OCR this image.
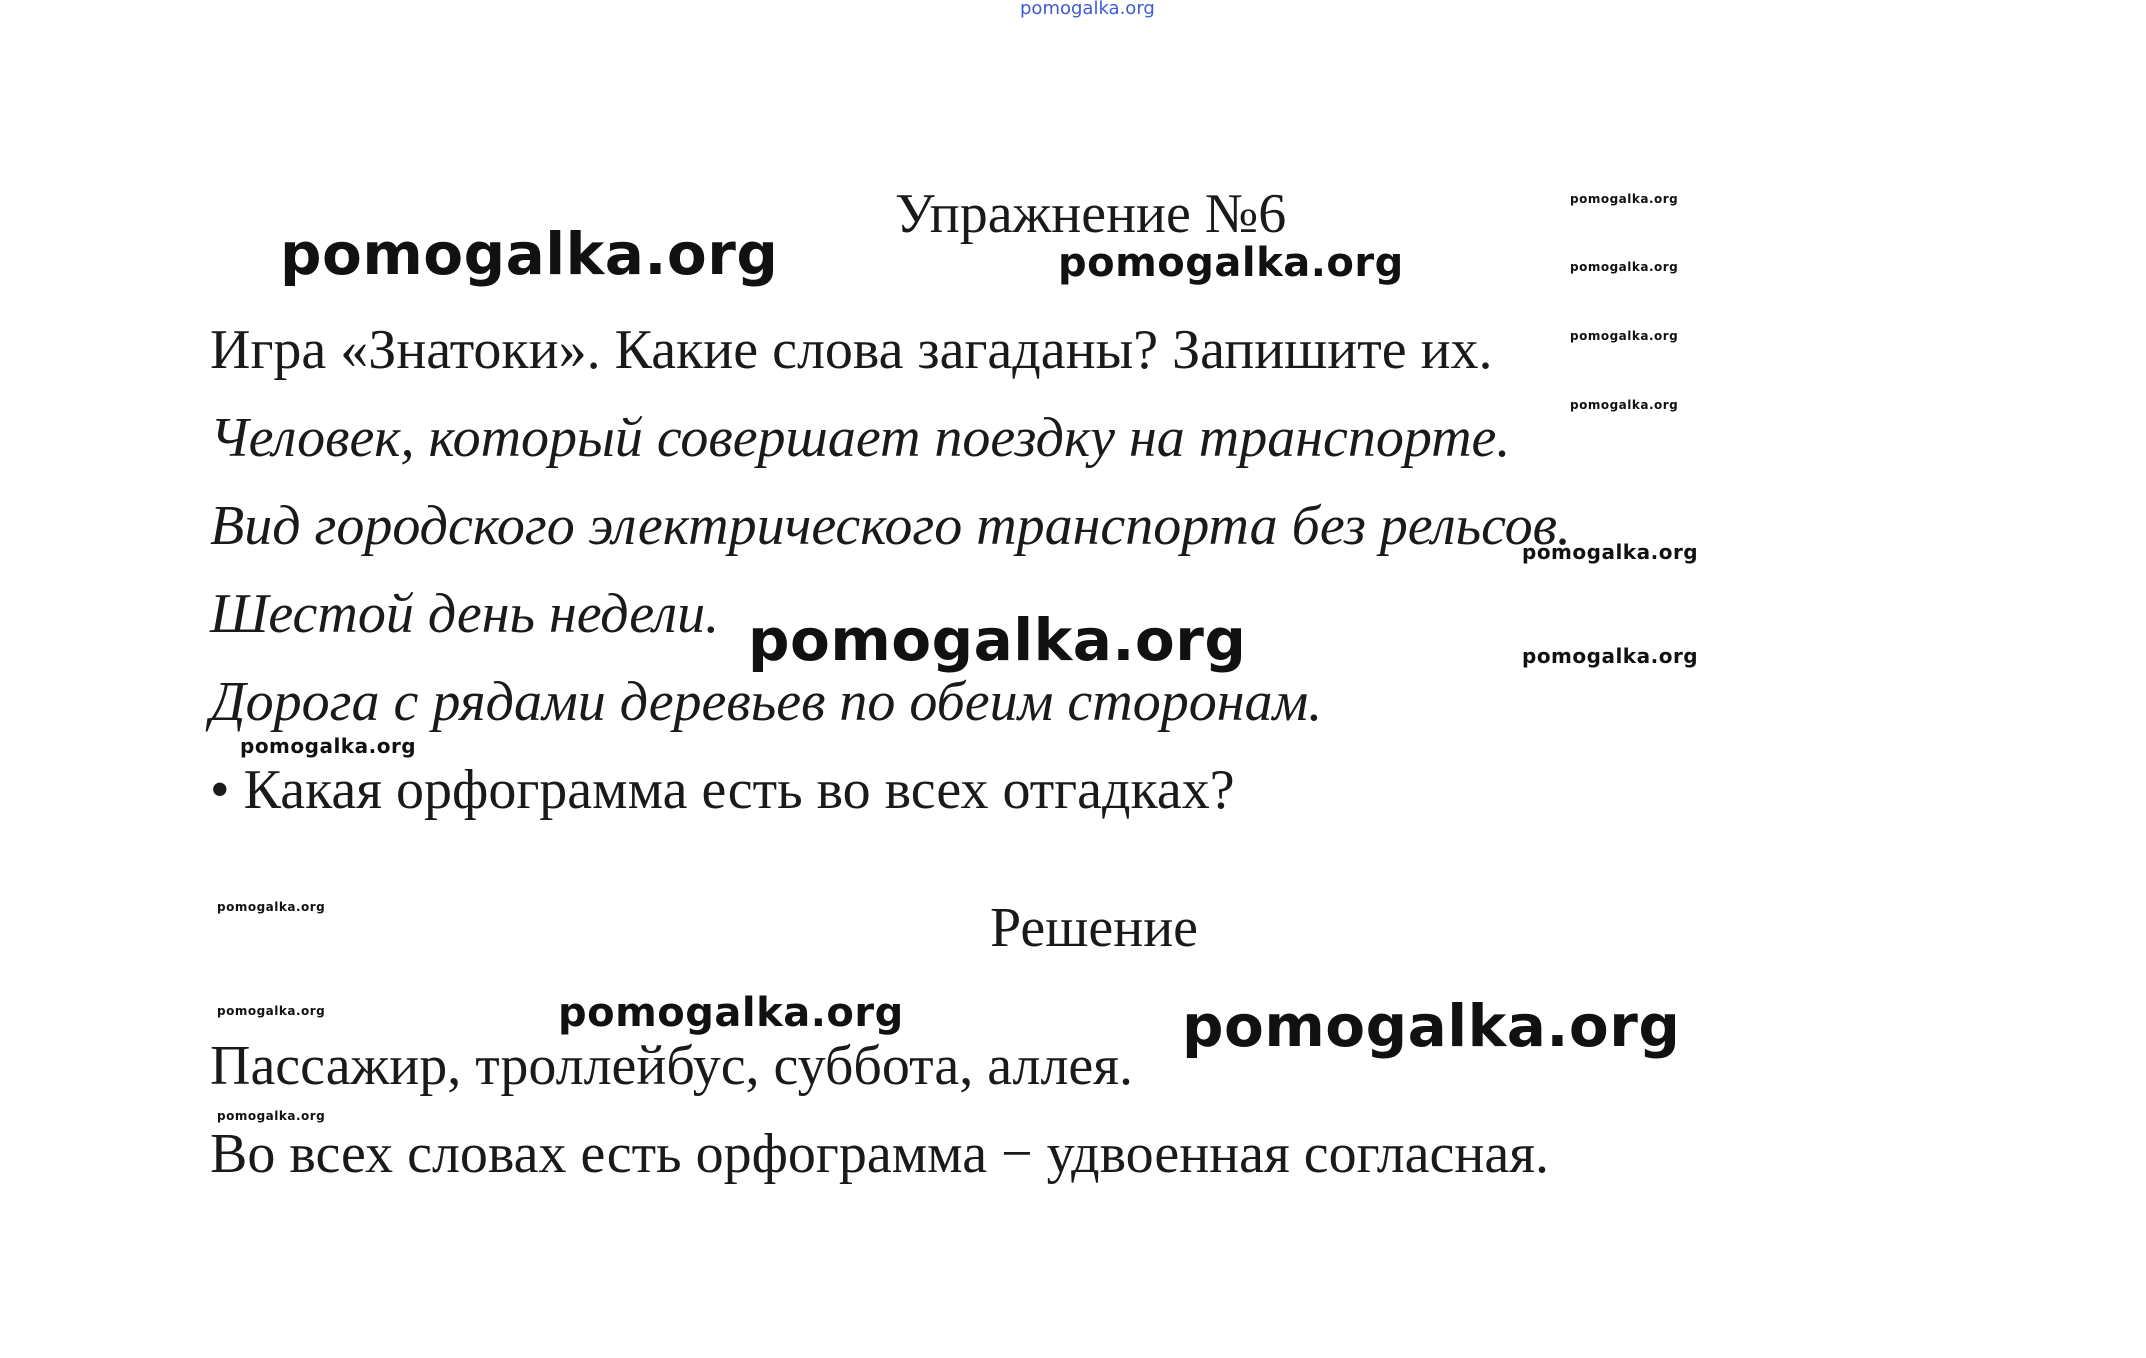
pomogalka.org
Упражнение №6
Игра «Знатоки». Какие слова загаданы? Запишите их.
Человек, который совершает поездку на транспорте.
Вид городского электрического транспорта без рельсов.
Шестой день недели.
Дорога с рядами деревьев по обеим сторонам.
• Какая орфограмма есть во всех отгадках?
Решение
Пассажир, троллейбус, суббота, аллея.
Во всех словах есть орфограмма − удвоенная согласная.
pomogalka.org	pomogalka.org
pomogalka.org
pomogalka.org
pomogalka.org
pomogalka.org
pomogalka.org
pomogalka.org	pomogalka.org
pomogalka.org
pomogalka.org
pomogalka.org	pomogalka.org	pomogalka.org
pomogalka.org
